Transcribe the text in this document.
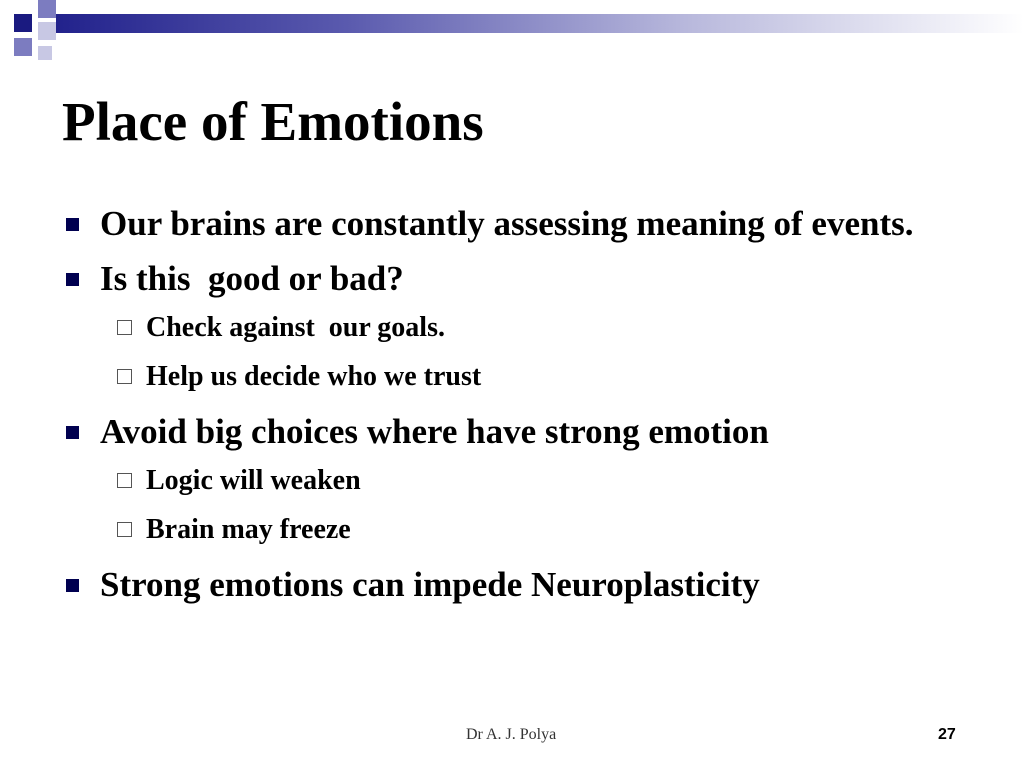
Place of Emotions
Our brains are constantly assessing meaning of events.
Is this  good or bad?
Check against  our goals.
Help us decide who we trust
Avoid big choices where have strong emotion
Logic will weaken
Brain may freeze
Strong emotions can impede Neuroplasticity
Dr A. J. Polya	27
